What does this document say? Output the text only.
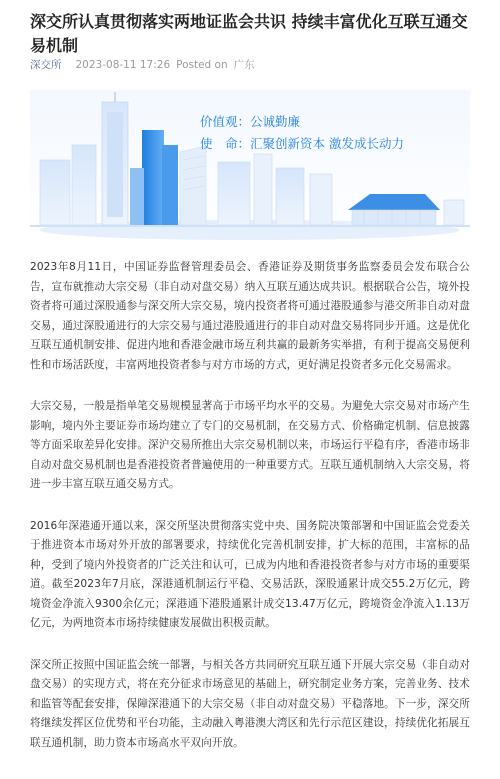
深交所认真贯彻落实两地证监会共识 持续丰富优化互联互通交易机制
深交所 2023-08-11 17:26 Posted on 广东
价值观：公诚勤廉
使　命：汇聚创新资本 激发成长动力

2023年8月11日，中国证券监督管理委员会、香港证券及期货事务监察委员会发布联合公告，宣布就推动大宗交易（非自动对盘交易）纳入互联互通达成共识。根据联合公告，境外投资者将可通过深股通参与深交所大宗交易，境内投资者将可通过港股通参与港交所非自动对盘交易，通过深股通进行的大宗交易与通过港股通进行的非自动对盘交易将同步开通。这是优化互联互通机制安排、促进内地和香港金融市场互利共赢的最新务实举措，有利于提高交易便利性和市场活跃度，丰富两地投资者参与对方市场的方式，更好满足投资者多元化交易需求。

大宗交易，一般是指单笔交易规模显著高于市场平均水平的交易。为避免大宗交易对市场产生影响，境内外主要证券市场均建立了专门的交易机制，在交易方式、价格确定机制、信息披露等方面采取差异化安排。深沪交易所推出大宗交易机制以来，市场运行平稳有序，香港市场非自动对盘交易机制也是香港投资者普遍使用的一种重要方式。互联互通机制纳入大宗交易，将进一步丰富互联互通交易方式。

2016年深港通开通以来，深交所坚决贯彻落实党中央、国务院决策部署和中国证监会党委关于推进资本市场对外开放的部署要求，持续优化完善机制安排，扩大标的范围，丰富标的品种，受到了境内外投资者的广泛关注和认可，已成为内地和香港投资者参与对方市场的重要渠道。截至2023年7月底，深港通机制运行平稳、交易活跃，深股通累计成交55.2万亿元，跨境资金净流入9300余亿元；深港通下港股通累计成交13.47万亿元，跨境资金净流入1.13万亿元，为两地资本市场持续健康发展做出积极贡献。

深交所正按照中国证监会统一部署，与相关各方共同研究互联互通下开展大宗交易（非自动对盘交易）的实现方式，将在充分征求市场意见的基础上，研究制定业务方案，完善业务、技术和监管等配套安排，保障深港通下的大宗交易（非自动对盘交易）平稳落地。下一步，深交所将继续发挥区位优势和平台功能，主动融入粤港澳大湾区和先行示范区建设，持续优化拓展互联互通机制，助力资本市场高水平双向开放。
